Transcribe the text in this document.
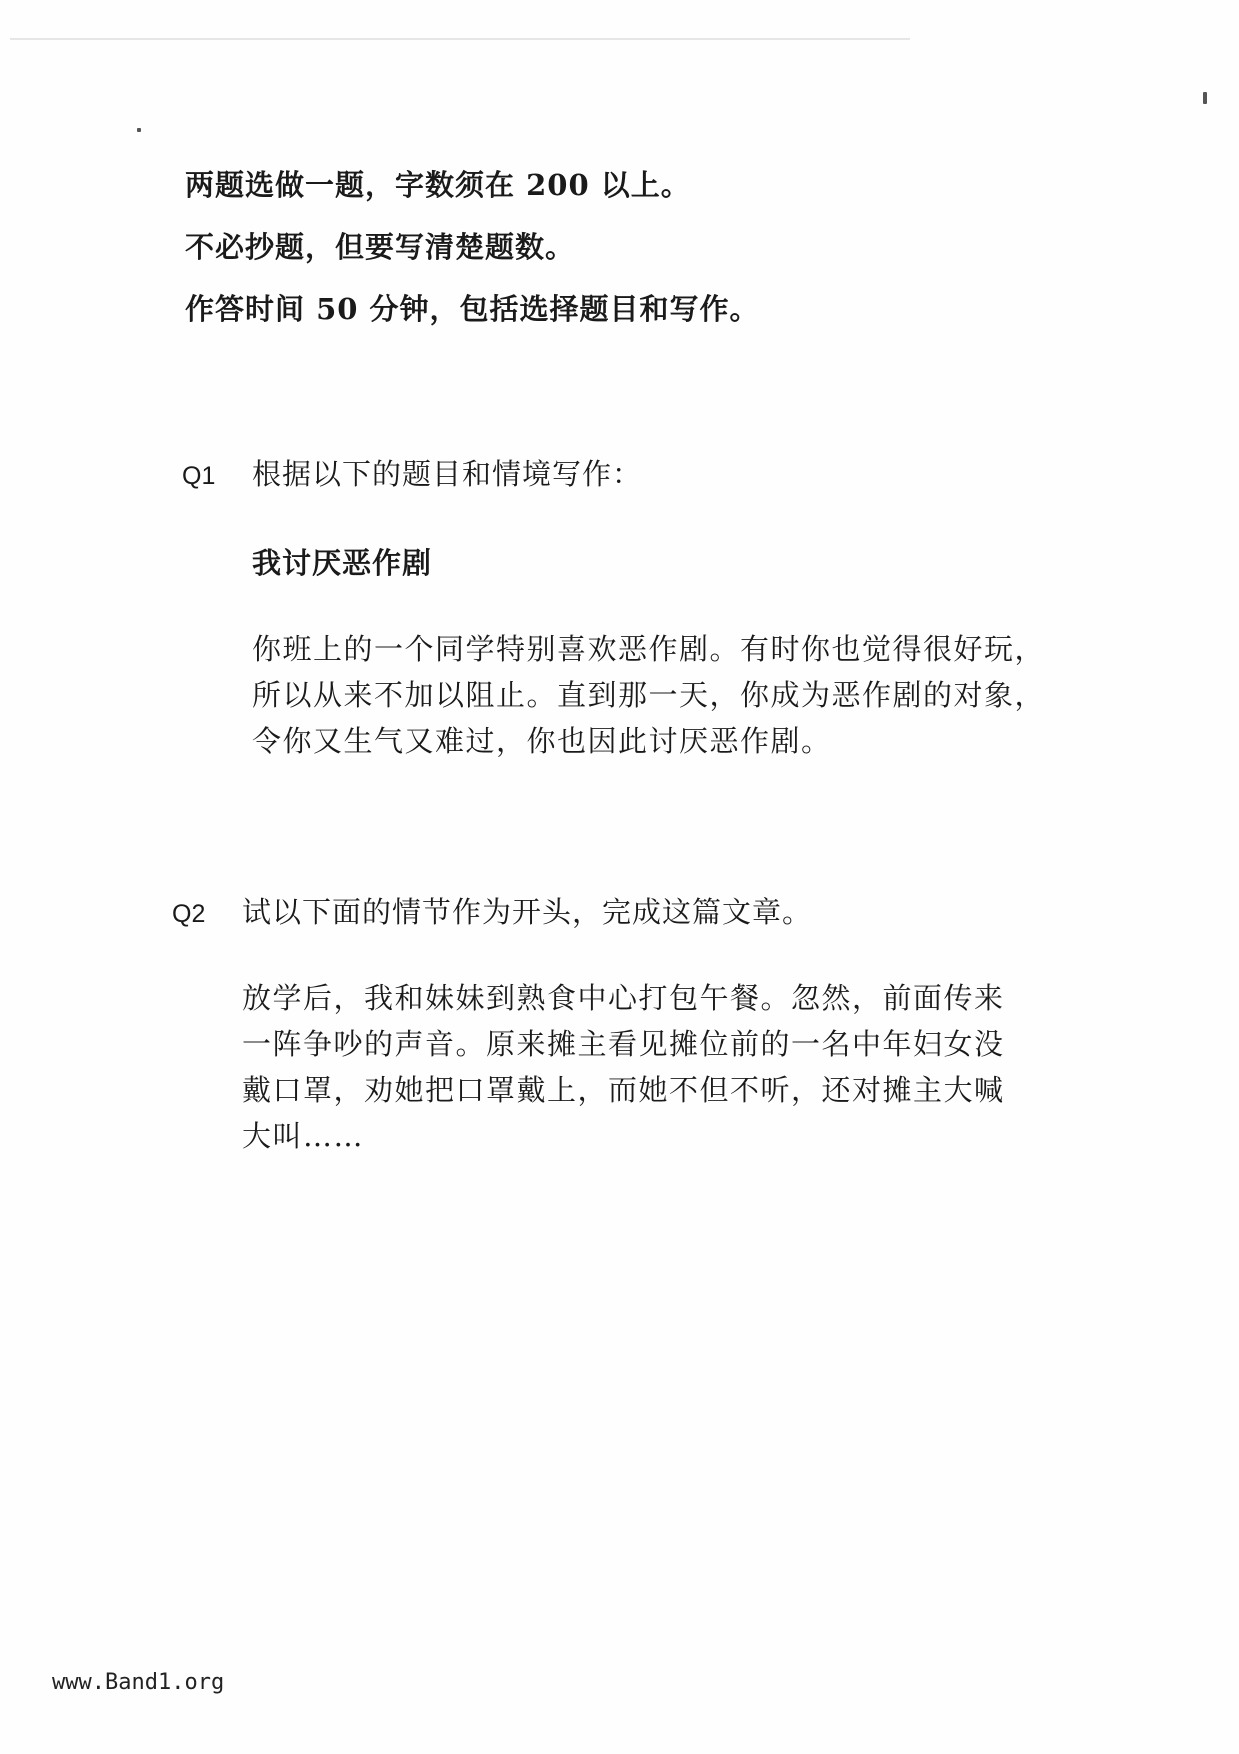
两题选做一题，字数须在 200 以上。
不必抄题，但要写清楚题数。
作答时间 50 分钟，包括选择题目和写作。
Q1	根据以下的题目和情境写作：
我讨厌恶作剧
你班上的一个同学特别喜欢恶作剧。有时你也觉得很好玩，
所以从来不加以阻止。直到那一天，你成为恶作剧的对象，
令你又生气又难过，你也因此讨厌恶作剧。
Q2	试以下面的情节作为开头，完成这篇文章。
放学后，我和妹妹到熟食中心打包午餐。忽然，前面传来
一阵争吵的声音。原来摊主看见摊位前的一名中年妇女没
戴口罩，劝她把口罩戴上，而她不但不听，还对摊主大喊
大叫……
www.Band1.org
